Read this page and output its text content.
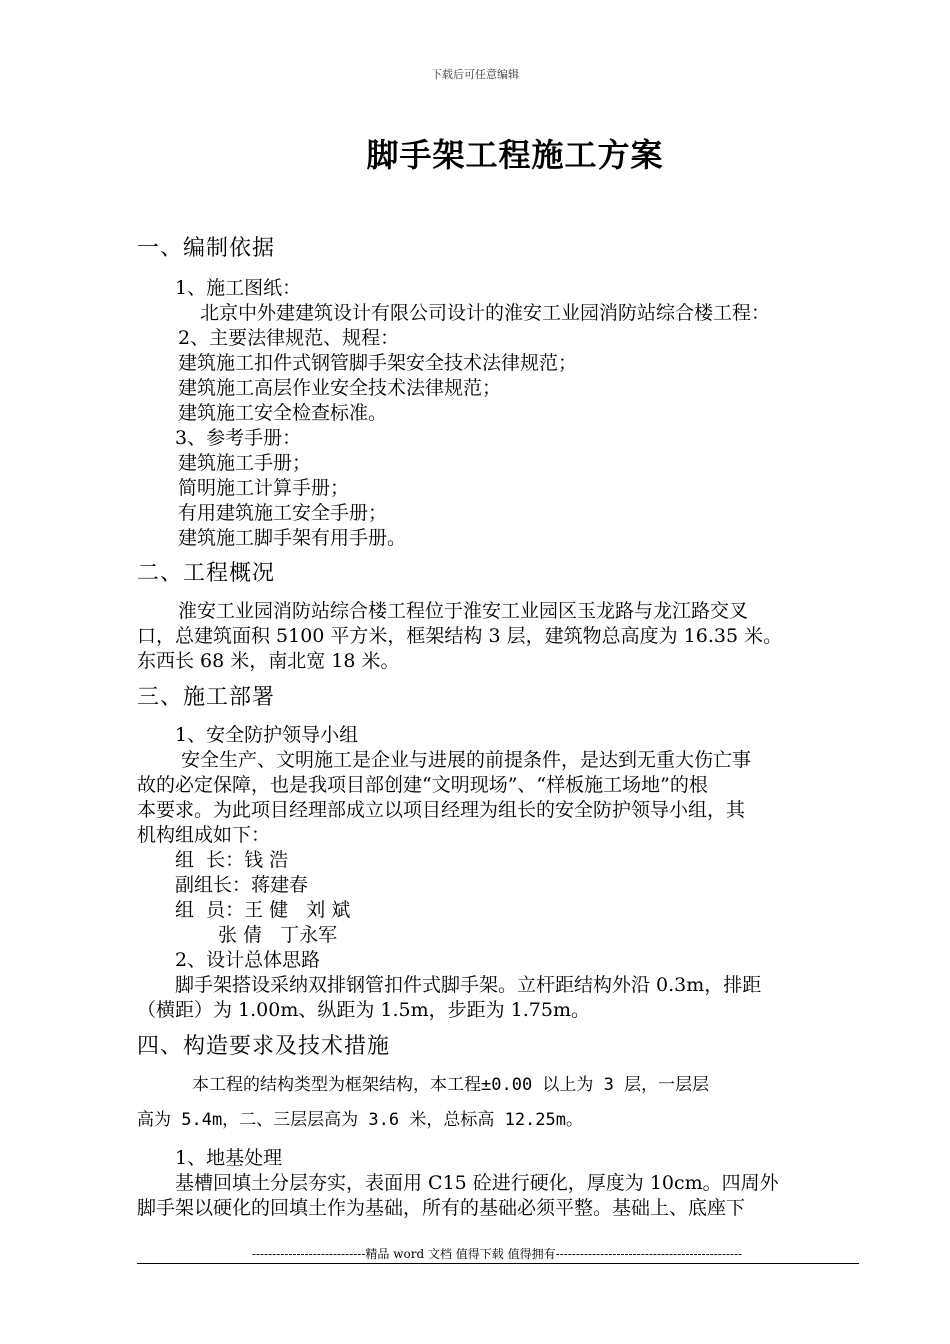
下载后可任意编辑
脚手架工程施工方案
一、编制依据
1、施工图纸：
北京中外建建筑设计有限公司设计的淮安工业园消防站综合楼工程：
2、主要法律规范、规程：
建筑施工扣件式钢管脚手架安全技术法律规范；
建筑施工高层作业安全技术法律规范；
建筑施工安全检查标准。
3、参考手册：
建筑施工手册；
简明施工计算手册；
有用建筑施工安全手册；
建筑施工脚手架有用手册。
二、工程概况
淮安工业园消防站综合楼工程位于淮安工业园区玉龙路与龙江路交叉
口，总建筑面积 5100 平方米，框架结构 3 层，建筑物总高度为 16.35 米。
东西长 68 米，南北宽 18 米。
三、施工部署
1、安全防护领导小组
安全生产、文明施工是企业与进展的前提条件，是达到无重大伤亡事
故的必定保障，也是我项目部创建“文明现场”、“样板施工场地”的根
本要求。为此项目经理部成立以项目经理为组长的安全防护领导小组，其
机构组成如下：
组  长：钱 浩
副组长：蒋建春
组  员：王 健   刘 斌
张 倩   丁永军
2、设计总体思路
脚手架搭设采纳双排钢管扣件式脚手架。立杆距结构外沿 0.3m，排距
（横距）为 1.00m、纵距为 1.5m，步距为 1.75m。
四、构造要求及技术措施
本工程的结构类型为框架结构，本工程±0.00 以上为 3 层，一层层
高为 5.4m，二、三层层高为 3.6 米，总标高 12.25m。
1、地基处理
基槽回填土分层夯实，表面用 C15 砼进行硬化，厚度为 10cm。四周外
脚手架以硬化的回填土作为基础，所有的基础必须平整。基础上、底座下
----------------------------精品 word 文档 值得下载 值得拥有----------------------------------------------
